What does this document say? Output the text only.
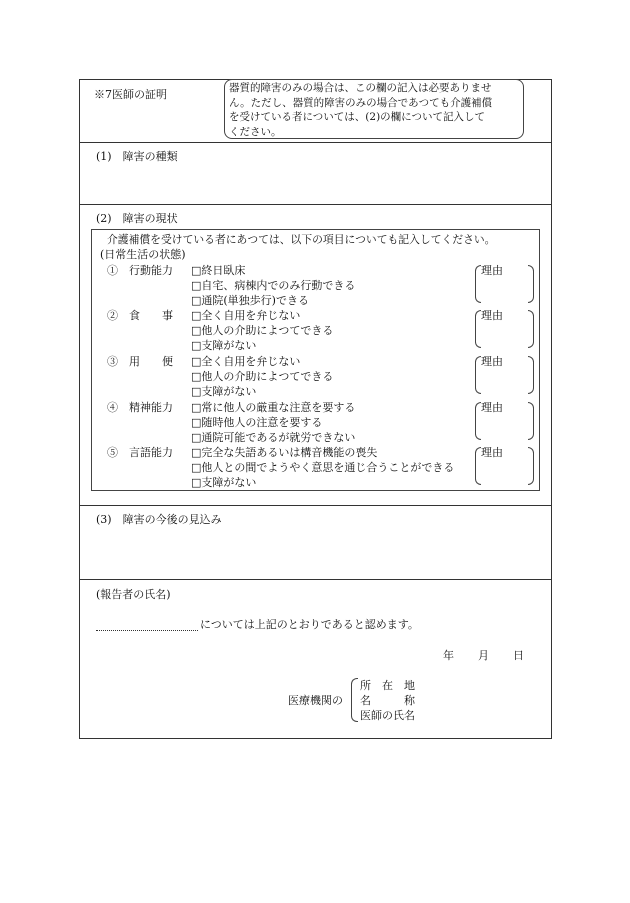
※7医師の証明	器質的障害のみの場合は、この欄の記入は必要ありませ
ん。ただし、器質的障害のみの場合であつても介護補償
を受けている者については、(2)の欄について記入して
ください。
(1)　障害の種類
(2)　障害の現状
介護補償を受けている者にあつては、以下の項目についても記入してください。
(日常生活の状態)
①　行動能力 □終日臥床
□自宅、病棟内でのみ行動できる
□通院(単独歩行)できる
理由
②　食　　事 □全く自用を弁じない
□他人の介助によつてできる
□支障がない
理由
③　用　　便 □全く自用を弁じない
□他人の介助によつてできる
□支障がない
理由
④　精神能力 □常に他人の厳重な注意を要する
□随時他人の注意を要する
□通院可能であるが就労できない
理由
⑤　言語能力 □完全な失語あるいは構音機能の喪失
□他人との間でようやく意思を通じ合うことができる
□支障がない
理由
(3)　障害の今後の見込み
(報告者の氏名)
については上記のとおりであると認めます。
年 月 日
医療機関の
所　在　地
名　　　称
医師の氏名
